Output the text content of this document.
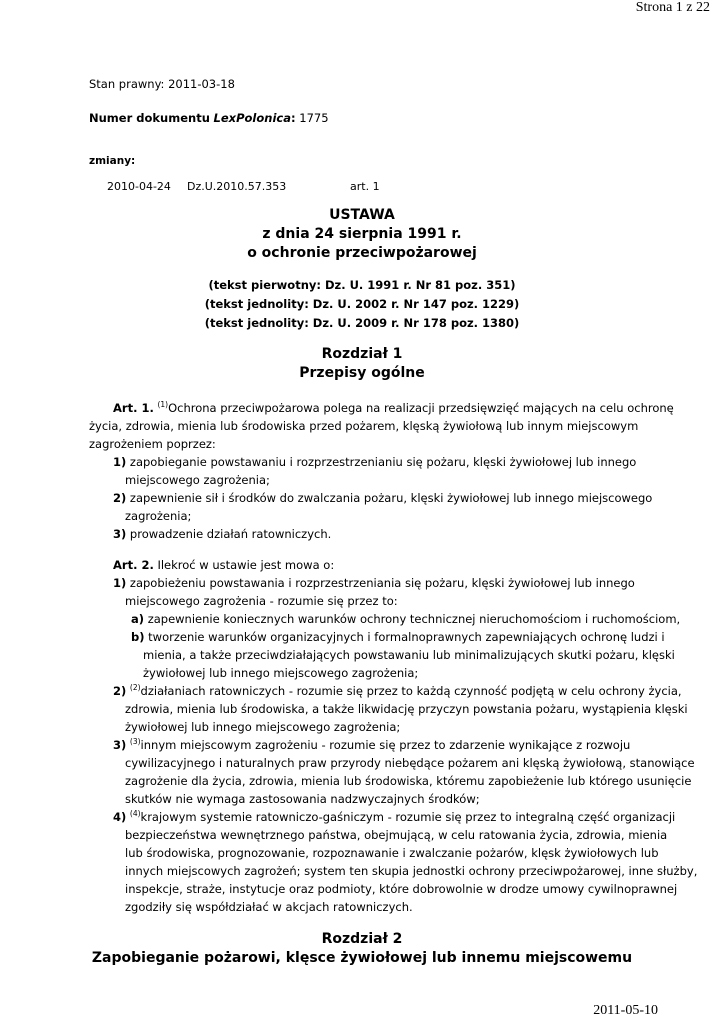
Strona 1 z 22
Stan prawny: 2011-03-18
Numer dokumentu LexPolonica: 1775
zmiany:
2010-04-24 Dz.U.2010.57.353	art. 1
USTAWA
z dnia 24 sierpnia 1991 r.
o ochronie przeciwpożarowej
(tekst pierwotny: Dz. U. 1991 r. Nr 81 poz. 351)
(tekst jednolity: Dz. U. 2002 r. Nr 147 poz. 1229)
(tekst jednolity: Dz. U. 2009 r. Nr 178 poz. 1380)
Rozdział 1
Przepisy ogólne
Art. 1. $^{(1)}$Ochrona przeciwpożarowa polega na realizacji przedsięwzięć mających na celu ochronę
życia, zdrowia, mienia lub środowiska przed pożarem, klęską żywiołową lub innym miejscowym
zagrożeniem poprzez:
1) zapobieganie powstawaniu i rozprzestrzenianiu się pożaru, klęski żywiołowej lub innego
miejscowego zagrożenia;
2) zapewnienie sił i środków do zwalczania pożaru, klęski żywiołowej lub innego miejscowego
zagrożenia;
3) prowadzenie działań ratowniczych.
Art. 2. Ilekroć w ustawie jest mowa o:
1) zapobieżeniu powstawania i rozprzestrzeniania się pożaru, klęski żywiołowej lub innego
miejscowego zagrożenia - rozumie się przez to:
a) zapewnienie koniecznych warunków ochrony technicznej nieruchomościom i ruchomościom,
b) tworzenie warunków organizacyjnych i formalnoprawnych zapewniających ochronę ludzi i
mienia, a także przeciwdziałających powstawaniu lub minimalizujących skutki pożaru, klęski
żywiołowej lub innego miejscowego zagrożenia;
2) $^{(2)}$działaniach ratowniczych - rozumie się przez to każdą czynność podjętą w celu ochrony życia,
zdrowia, mienia lub środowiska, a także likwidację przyczyn powstania pożaru, wystąpienia klęski
żywiołowej lub innego miejscowego zagrożenia;
3) $^{(3)}$innym miejscowym zagrożeniu - rozumie się przez to zdarzenie wynikające z rozwoju
cywilizacyjnego i naturalnych praw przyrody niebędące pożarem ani klęską żywiołową, stanowiące
zagrożenie dla życia, zdrowia, mienia lub środowiska, któremu zapobieżenie lub którego usunięcie
skutków nie wymaga zastosowania nadzwyczajnych środków;
4) $^{(4)}$krajowym systemie ratowniczo-gaśniczym - rozumie się przez to integralną część organizacji
bezpieczeństwa wewnętrznego państwa, obejmującą, w celu ratowania życia, zdrowia, mienia
lub środowiska, prognozowanie, rozpoznawanie i zwalczanie pożarów, klęsk żywiołowych lub
innych miejscowych zagrożeń; system ten skupia jednostki ochrony przeciwpożarowej, inne służby,
inspekcje, straże, instytucje oraz podmioty, które dobrowolnie w drodze umowy cywilnoprawnej
zgodziły się współdziałać w akcjach ratowniczych.
Rozdział 2
Zapobieganie pożarowi, klęsce żywiołowej lub innemu miejscowemu
2011-05-10
